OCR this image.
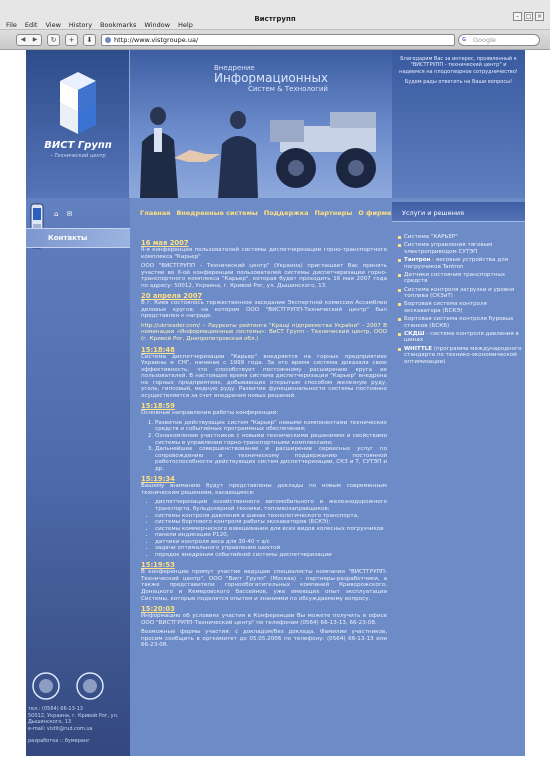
File Edit View History Bookmarks Window Help
Вистгрупп	–	□ ×
◀	▶	↻	+	⬇	http://www.vistgroupe.ua/	G	Google
ВИСТ Групп
– Технический центр
Внедрение
Информационных
Систем & Технологий

Благодарим Вас за интерес, проявленный к "ВИСТГРУПП - технический центр" и надеемся на плодотворное сотрудничество!

Будем рады ответить на Ваши вопросы!

⌂ ✉
Контакты
Главная Внедренные системы Поддержка Партнеры О фирме Услуги и решения
Система "КАРЬЕР"
Система управления тяговым электроприводом СУТЭП
Тантрон - весовые устройства для погрузчиков Tantron
Датчики состояния транспортных средств
Система контроля загрузки и уровня топлива (СКЗиТ)
Бортовая система контроля экскаватора (БСКЭ)
Бортовая система контроля буровых станков (БСКБ)
СКДШ - система контроля давления в шинах
WHITTLE (программа международного стандарта по технико-экономической оптимизации)
16 мая 2007

II-я конференция пользователей системы диспетчеризации горно-транспортного комплекса "Карьер"

ООО "ВИСТГРУПП – Технический центр" (Украина) приглашает Вас принять участие во II-ой конференции пользователей системы диспетчеризации горно-транспортного комплекса "Карьер", которая будет проходить 16 мая 2007 года по адресу: 50012, Украина, г. Кривой Рог, ул. Дышинского, 13.

20 апреля 2007

В г. Киев состоялось торжественное заседание Экспертной комиссии Ассамблеи деловых кругов, на котором ООО "ВИСТГРУПП-Технический центр" был представлен к награде.

http://ukrleader.com/ – Лауреаты рейтинга "Кращі підприємства України" - 2007 В номинации «Информационные системы»: ВиСТ Групп - Технический центр, ООО (г. Кривой Рог, Днепропетровская обл.)

15:18:48

Система диспетчеризации "Карьер" внедряется на горных предприятиях Украины и СНГ, начиная с 1999 года. За это время система доказала свою эффективность, что способствует постоянному расширению круга ее пользователей. В настоящее время система диспетчеризации "Карьер" внедрена на горных предприятиях, добывающих открытым способом железную руду, уголь, гипсовый, медную руду. Развитие функциональности системы постоянно осуществляется за счет внедрения новых решений.

15:18:59

Основные направления работы конференции:

1. Развитие действующих систем "Карьер" новыми компонентами технических средств и событийных программных обеспечения;
2. Ознакомление участников с новыми техническими решениями и свойствами системы в управлении горно-транспортными комплексами;
3. Дальнейшее совершенствование и расширение сервисных услуг по сопровождению и техническому поддержанию постоянной работоспособности действующих систем диспетчеризации, СКЗ и Т, СУТЭП и др.
15:19:34

Вашему вниманию будут представлены доклады по новым современным техническим решениям, касающимся:

• диспетчеризации хозяйственного автомобильного и железнодорожного транспорта, бульдозерной техники, топливозаправщиков;
• системы контроля давления в шинах технологического транспорта,
• системы бортового контроля работы экскаваторов (БСКЭ);
• системы коммерческого взвешивания для всех видов колесных погрузчиков
• панели индикации P120,
• датчики контроля веса для 30-40 т а/с
• задачи оптимального управления шихтой
• порядок внедрения событийной системы диспетчеризации
15:19:53

В конференции примут участие ведущие специалисты компании "ВИСТГРУПП-Технический центр", ООО "Вист Групп" (Москва) - партнеры-разработчики, а также представители горнообогатительных компаний Криворожского, Донецкого и Кемеровского бассейнов, уже имеющих опыт эксплуатации Системы, которые поделятся опытом и знаниями по обсуждаемому вопросу.

15:20:03

Информацию об условиях участия в Конференции Вы можете получить в офисе ООО "ВИСТГРУПП-Технический центр" по телефонам (0564) 66-13-13, 66-23-08.

Возможные формы участия: с докладом/без доклада. Фамилии участников, просим сообщить в оргкомитет до 05.05.2006 по телефону: (0564) 66-13-13 или 66-23-08.

тел.: (0564) 66-13-13
50012, Украина, г. Кривой Рог, ул. Дышинского, 13
e-mail: vistit@rud.com.ua
разработка :: бумеранг
